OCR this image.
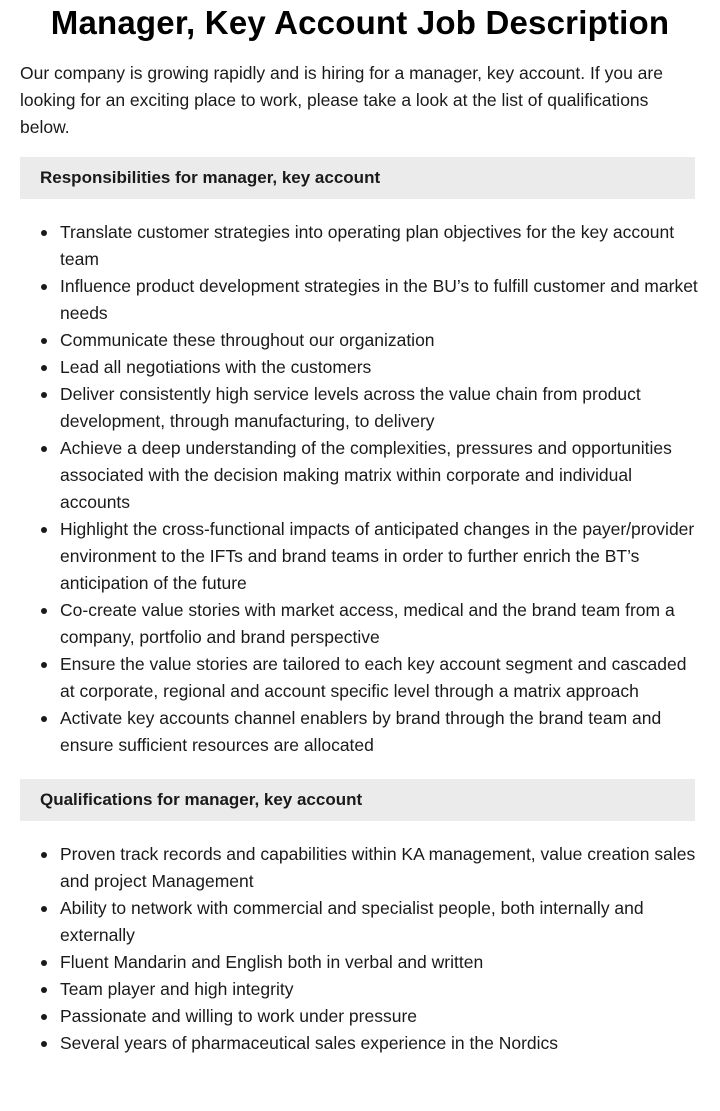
Manager, Key Account Job Description

Our company is growing rapidly and is hiring for a manager, key account. If you are looking for an exciting place to work, please take a look at the list of qualifications below.

Responsibilities for manager, key account
Translate customer strategies into operating plan objectives for the key account team
Influence product development strategies in the BU’s to fulfill customer and market needs
Communicate these throughout our organization
Lead all negotiations with the customers
Deliver consistently high service levels across the value chain from product development, through manufacturing, to delivery
Achieve a deep understanding of the complexities, pressures and opportunities associated with the decision making matrix within corporate and individual accounts
Highlight the cross-functional impacts of anticipated changes in the payer/provider environment to the IFTs and brand teams in order to further enrich the BT’s anticipation of the future
Co-create value stories with market access, medical and the brand team from a company, portfolio and brand perspective
Ensure the value stories are tailored to each key account segment and cascaded at corporate, regional and account specific level through a matrix approach
Activate key accounts channel enablers by brand through the brand team and ensure sufficient resources are allocated
Qualifications for manager, key account
Proven track records and capabilities within KA management, value creation sales and project Management
Ability to network with commercial and specialist people, both internally and externally
Fluent Mandarin and English both in verbal and written
Team player and high integrity
Passionate and willing to work under pressure
Several years of pharmaceutical sales experience in the Nordics
